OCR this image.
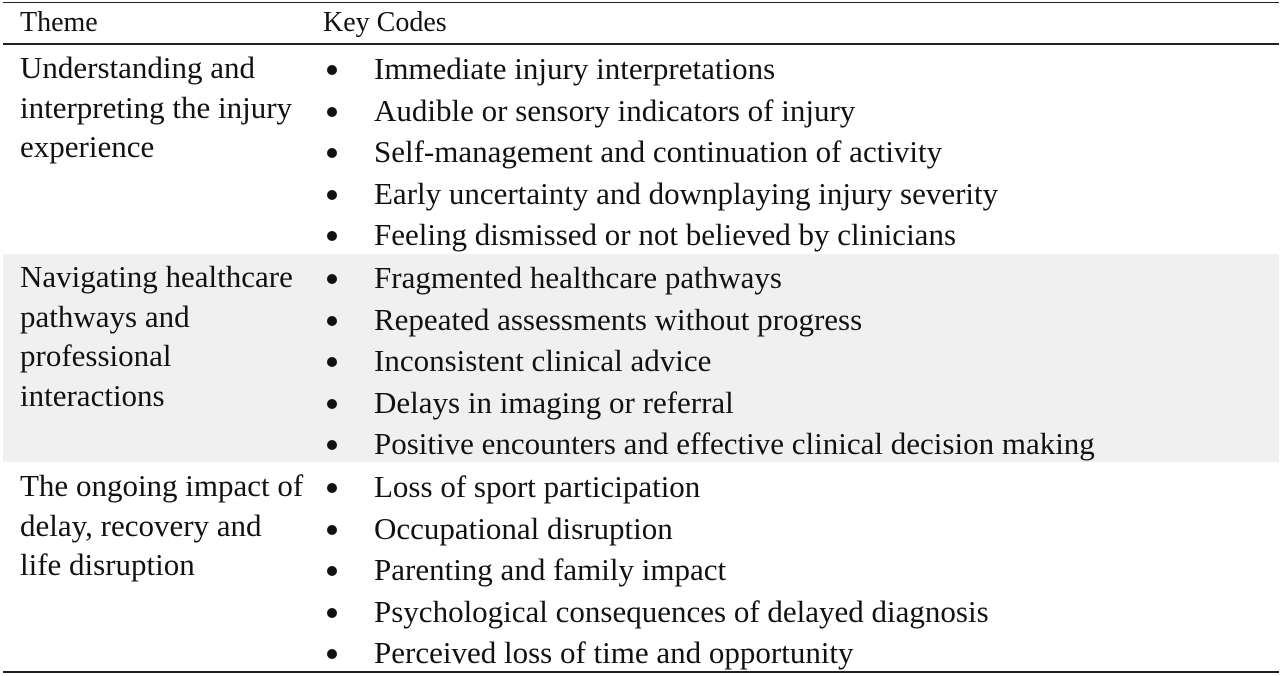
Theme	Key Codes
Understanding and interpreting the injury experience
Immediate injury interpretations
Audible or sensory indicators of injury
Self-management and continuation of activity
Early uncertainty and downplaying injury severity
Feeling dismissed or not believed by clinicians
Navigating healthcare pathways and professional interactions
Fragmented healthcare pathways
Repeated assessments without progress
Inconsistent clinical advice
Delays in imaging or referral
Positive encounters and effective clinical decision making
The ongoing impact of delay, recovery and life disruption
Loss of sport participation
Occupational disruption
Parenting and family impact
Psychological consequences of delayed diagnosis
Perceived loss of time and opportunity
